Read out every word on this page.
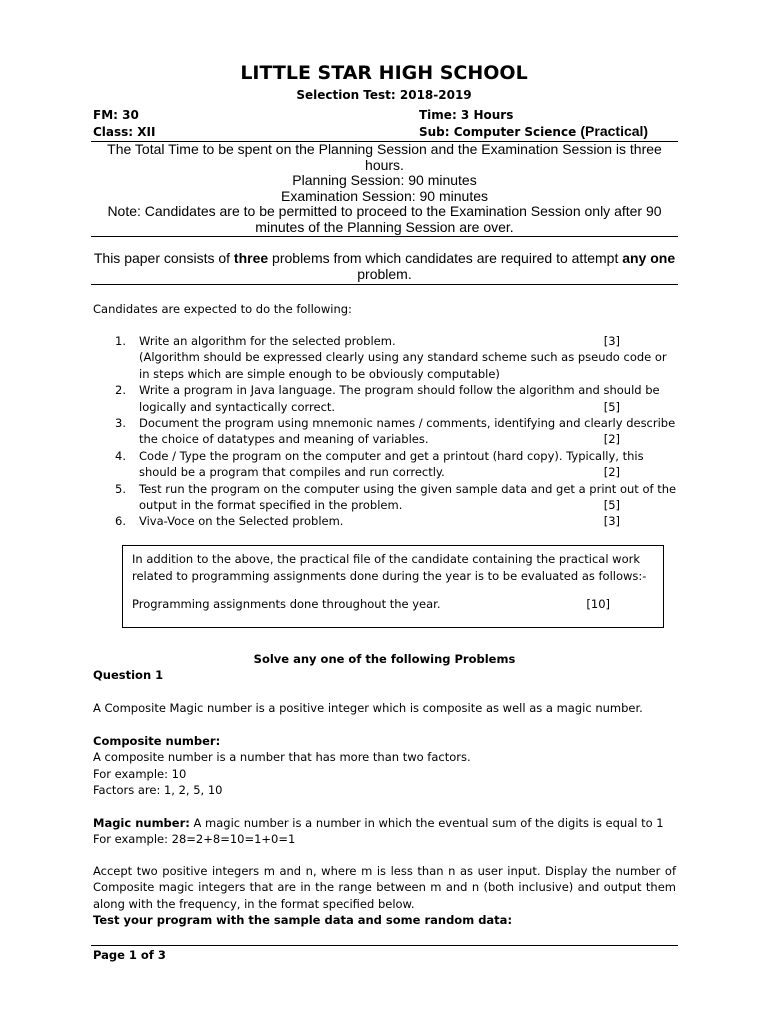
LITTLE STAR HIGH SCHOOL
Selection Test: 2018-2019
FM: 30	Time: 3 Hours
Class: XII	Sub: Computer Science (Practical)
The Total Time to be spent on the Planning Session and the Examination Session is three hours.
Planning Session: 90 minutes
Examination Session: 90 minutes
Note: Candidates are to be permitted to proceed to the Examination Session only after 90 minutes of the Planning Session are over.
This paper consists of three problems from which candidates are required to attempt any one problem.
Candidates are expected to do the following:
1. Write an algorithm for the selected problem.	[3]

(Algorithm should be expressed clearly using any standard scheme such as pseudo code or in steps which are simple enough to be obviously computable)
2. Write a program in Java language. The program should follow the algorithm and should be logically and syntactically correct.	[5]
3. Document the program using mnemonic names / comments, identifying and clearly describe the choice of datatypes and meaning of variables.	[2]
4. Code / Type the program on the computer and get a printout (hard copy). Typically, this should be a program that compiles and run correctly.	[2]
5. Test run the program on the computer using the given sample data and get a print out of the output in the format specified in the problem.	[5]
6. Viva-Voce on the Selected problem.	[3]

In addition to the above, the practical file of the candidate containing the practical work related to programming assignments done during the year is to be evaluated as follows:-

Programming assignments done throughout the year.	[10]

Solve any one of the following Problems
Question 1
A Composite Magic number is a positive integer which is composite as well as a magic number.
Composite number:
A composite number is a number that has more than two factors.
For example: 10
Factors are: 1, 2, 5, 10
Magic number: A magic number is a number in which the eventual sum of the digits is equal to 1
For example: 28=2+8=10=1+0=1
Accept two positive integers m and n, where m is less than n as user input. Display the number of Composite magic integers that are in the range between m and n (both inclusive) and output them along with the frequency, in the format specified below.
Test your program with the sample data and some random data:
Page 1 of 3
